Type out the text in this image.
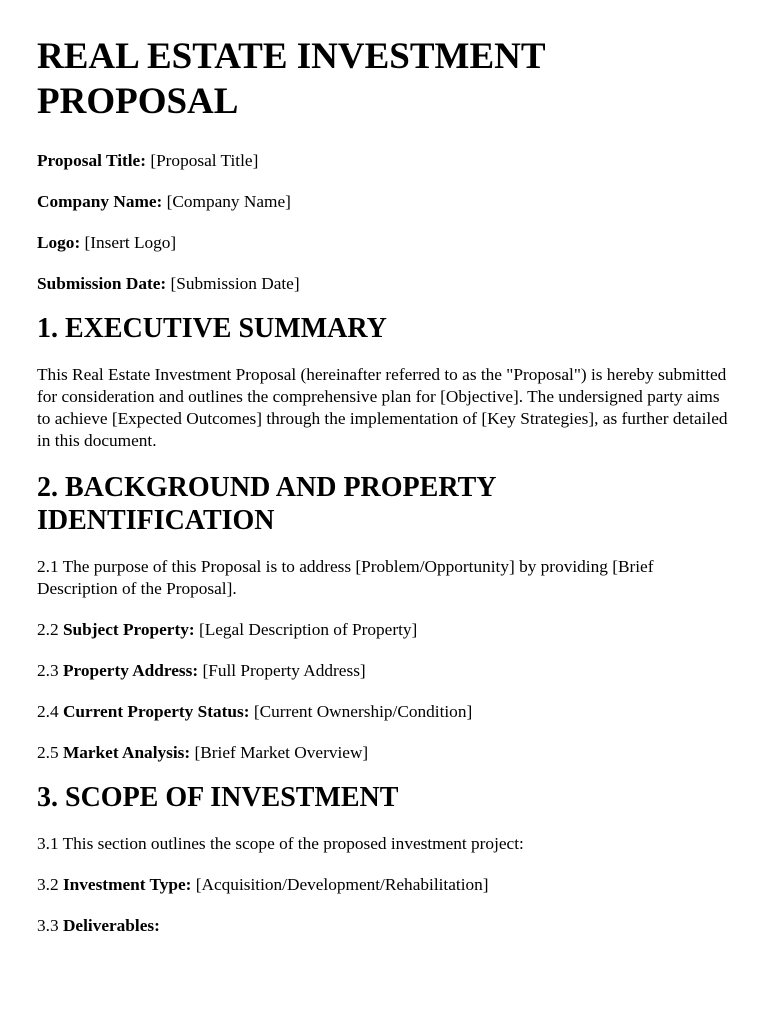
REAL ESTATE INVESTMENT PROPOSAL

Proposal Title: [Proposal Title]

Company Name: [Company Name]

Logo: [Insert Logo]

Submission Date: [Submission Date]

1. EXECUTIVE SUMMARY

This Real Estate Investment Proposal (hereinafter referred to as the "Proposal") is hereby submitted for consideration and outlines the comprehensive plan for [Objective]. The undersigned party aims to achieve [Expected Outcomes] through the implementation of [Key Strategies], as further detailed in this document.

2. BACKGROUND AND PROPERTY IDENTIFICATION

2.1 The purpose of this Proposal is to address [Problem/Opportunity] by providing [Brief Description of the Proposal].

2.2 Subject Property: [Legal Description of Property]

2.3 Property Address: [Full Property Address]

2.4 Current Property Status: [Current Ownership/Condition]

2.5 Market Analysis: [Brief Market Overview]

3. SCOPE OF INVESTMENT

3.1 This section outlines the scope of the proposed investment project:

3.2 Investment Type: [Acquisition/Development/Rehabilitation]

3.3 Deliverables:
